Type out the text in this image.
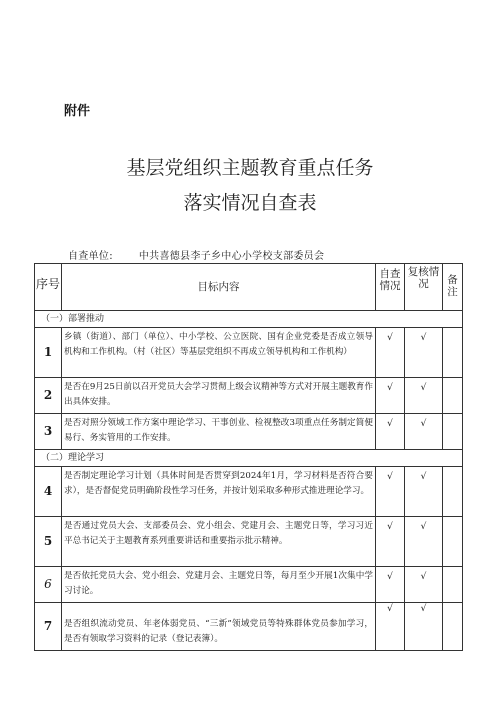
附件
基层党组织主题教育重点任务
落实情况自查表
自查单位:	中共喜德县李子乡中心小学校支部委员会
序号	目标内容	自查情况	复核情况	备注
（一）部署推动				
1	乡镇（街道）、部门（单位）、中小学校、公立医院、国有企业党委是否成立领导机构和工作机构。（村（社区）等基层党组织不再成立领导机构和工作机构）	√	√	
2	是否在9月25日前以召开党员大会学习贯彻上级会议精神等方式对开展主题教育作出具体安排。	√	√	
3	是否对照分领域工作方案中理论学习、干事创业、检视整改3项重点任务制定简便易行、务实管用的工作安排。	√	√	
（二）理论学习				
4	是否制定理论学习计划（具体时间是否贯穿到2024年1月，学习材料是否符合要求），是否督促党员明确阶段性学习任务，并按计划采取多种形式推进理论学习。	√	√	
5	是否通过党员大会、支部委员会、党小组会、党建月会、主题党日等，学习习近平总书记关于主题教育系列重要讲话和重要指示批示精神。	√	√	
6	是否依托党员大会、党小组会、党建月会、主题党日等，每月至少开展1次集中学习讨论。	√	√	
7	是否组织流动党员、年老体弱党员、“三新”领域党员等特殊群体党员参加学习，是否有领取学习资料的记录（登记表簿）。	√	√	
